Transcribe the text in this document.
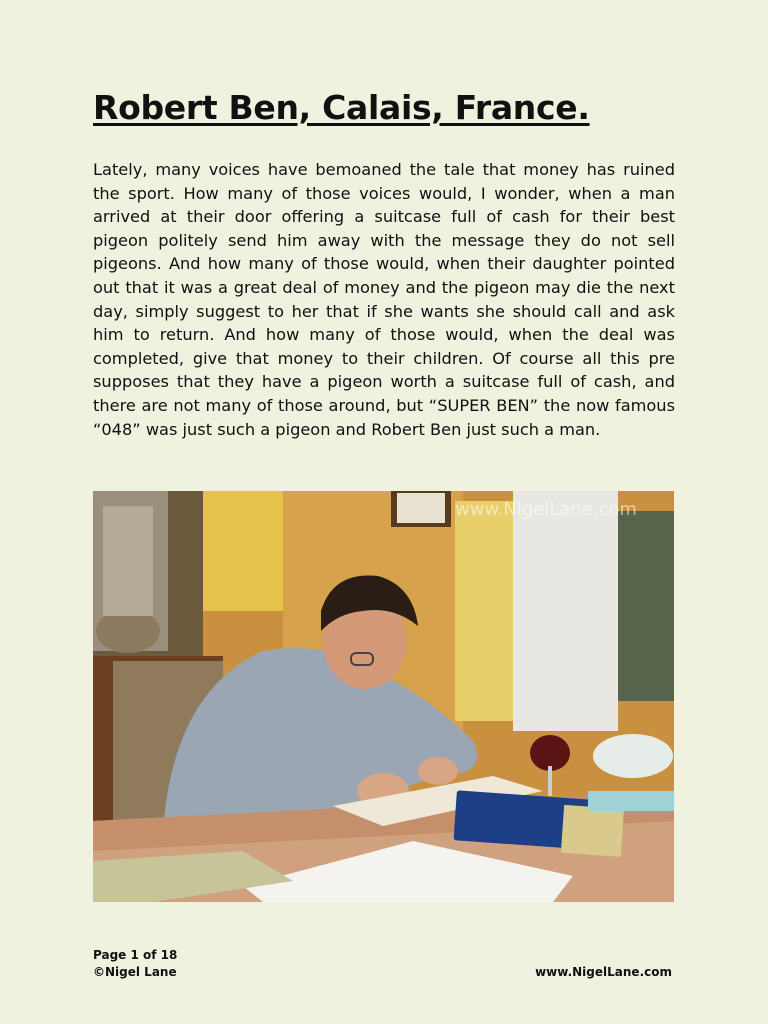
Robert Ben, Calais, France.

Lately, many voices have bemoaned the tale that money has ruined the sport. How many of those voices would, I wonder, when a man arrived at their door offering a suitcase full of cash for their best pigeon politely send him away with the message they do not sell pigeons. And how many of those would, when their daughter pointed out that it was a great deal of money and the pigeon may die the next day, simply suggest to her that if she wants she should call and ask him to return. And how many of those would, when the deal was completed, give that money to their children. Of course all this pre supposes that they have a pigeon worth a suitcase full of cash, and there are not many of those around, but “SUPER BEN” the now famous “048” was just such a pigeon and Robert Ben just such a man.

www.NigelLane.com
Page 1 of 18
©Nigel Lane	www.NigelLane.com
